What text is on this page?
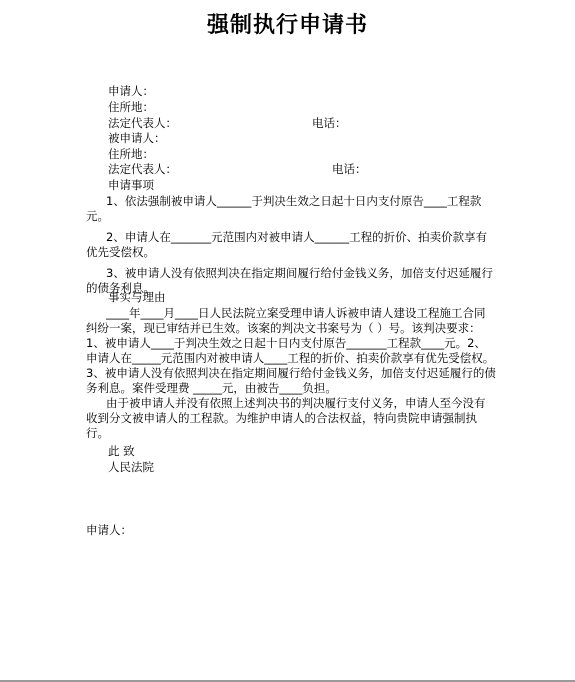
强制执行申请书
申请人：
住所地：
法定代表人：	电话：
被申请人：
住所地：
法定代表人：	电话：
申请事项

1、依法强制被申请人______于判决生效之日起十日内支付原告____工程款元。

2、申请人在_______元范围内对被申请人______工程的折价、拍卖价款享有优先受偿权。

3、被申请人没有依照判决在指定期间履行给付金钱义务，加倍支付迟延履行的债务利息。

事实与理由

____年____月____日人民法院立案受理申请人诉被申请人建设工程施工合同纠纷一案，现已审结并已生效。该案的判决文书案号为（ ）号。该判决要求：1、被申请人____于判决生效之日起十日内支付原告_______工程款____元。2、申请人在_____元范围内对被申请人____工程的折价、拍卖价款享有优先受偿权。3、被申请人没有依照判决在指定期间履行给付金钱义务，加倍支付迟延履行的债务利息。案件受理费 _____元，由被告____负担。

由于被申请人并没有依照上述判决书的判决履行支付义务，申请人至今没有收到分文被申请人的工程款。为维护申请人的合法权益，特向贵院申请强制执行。

此 致
人民法院
申请人：
